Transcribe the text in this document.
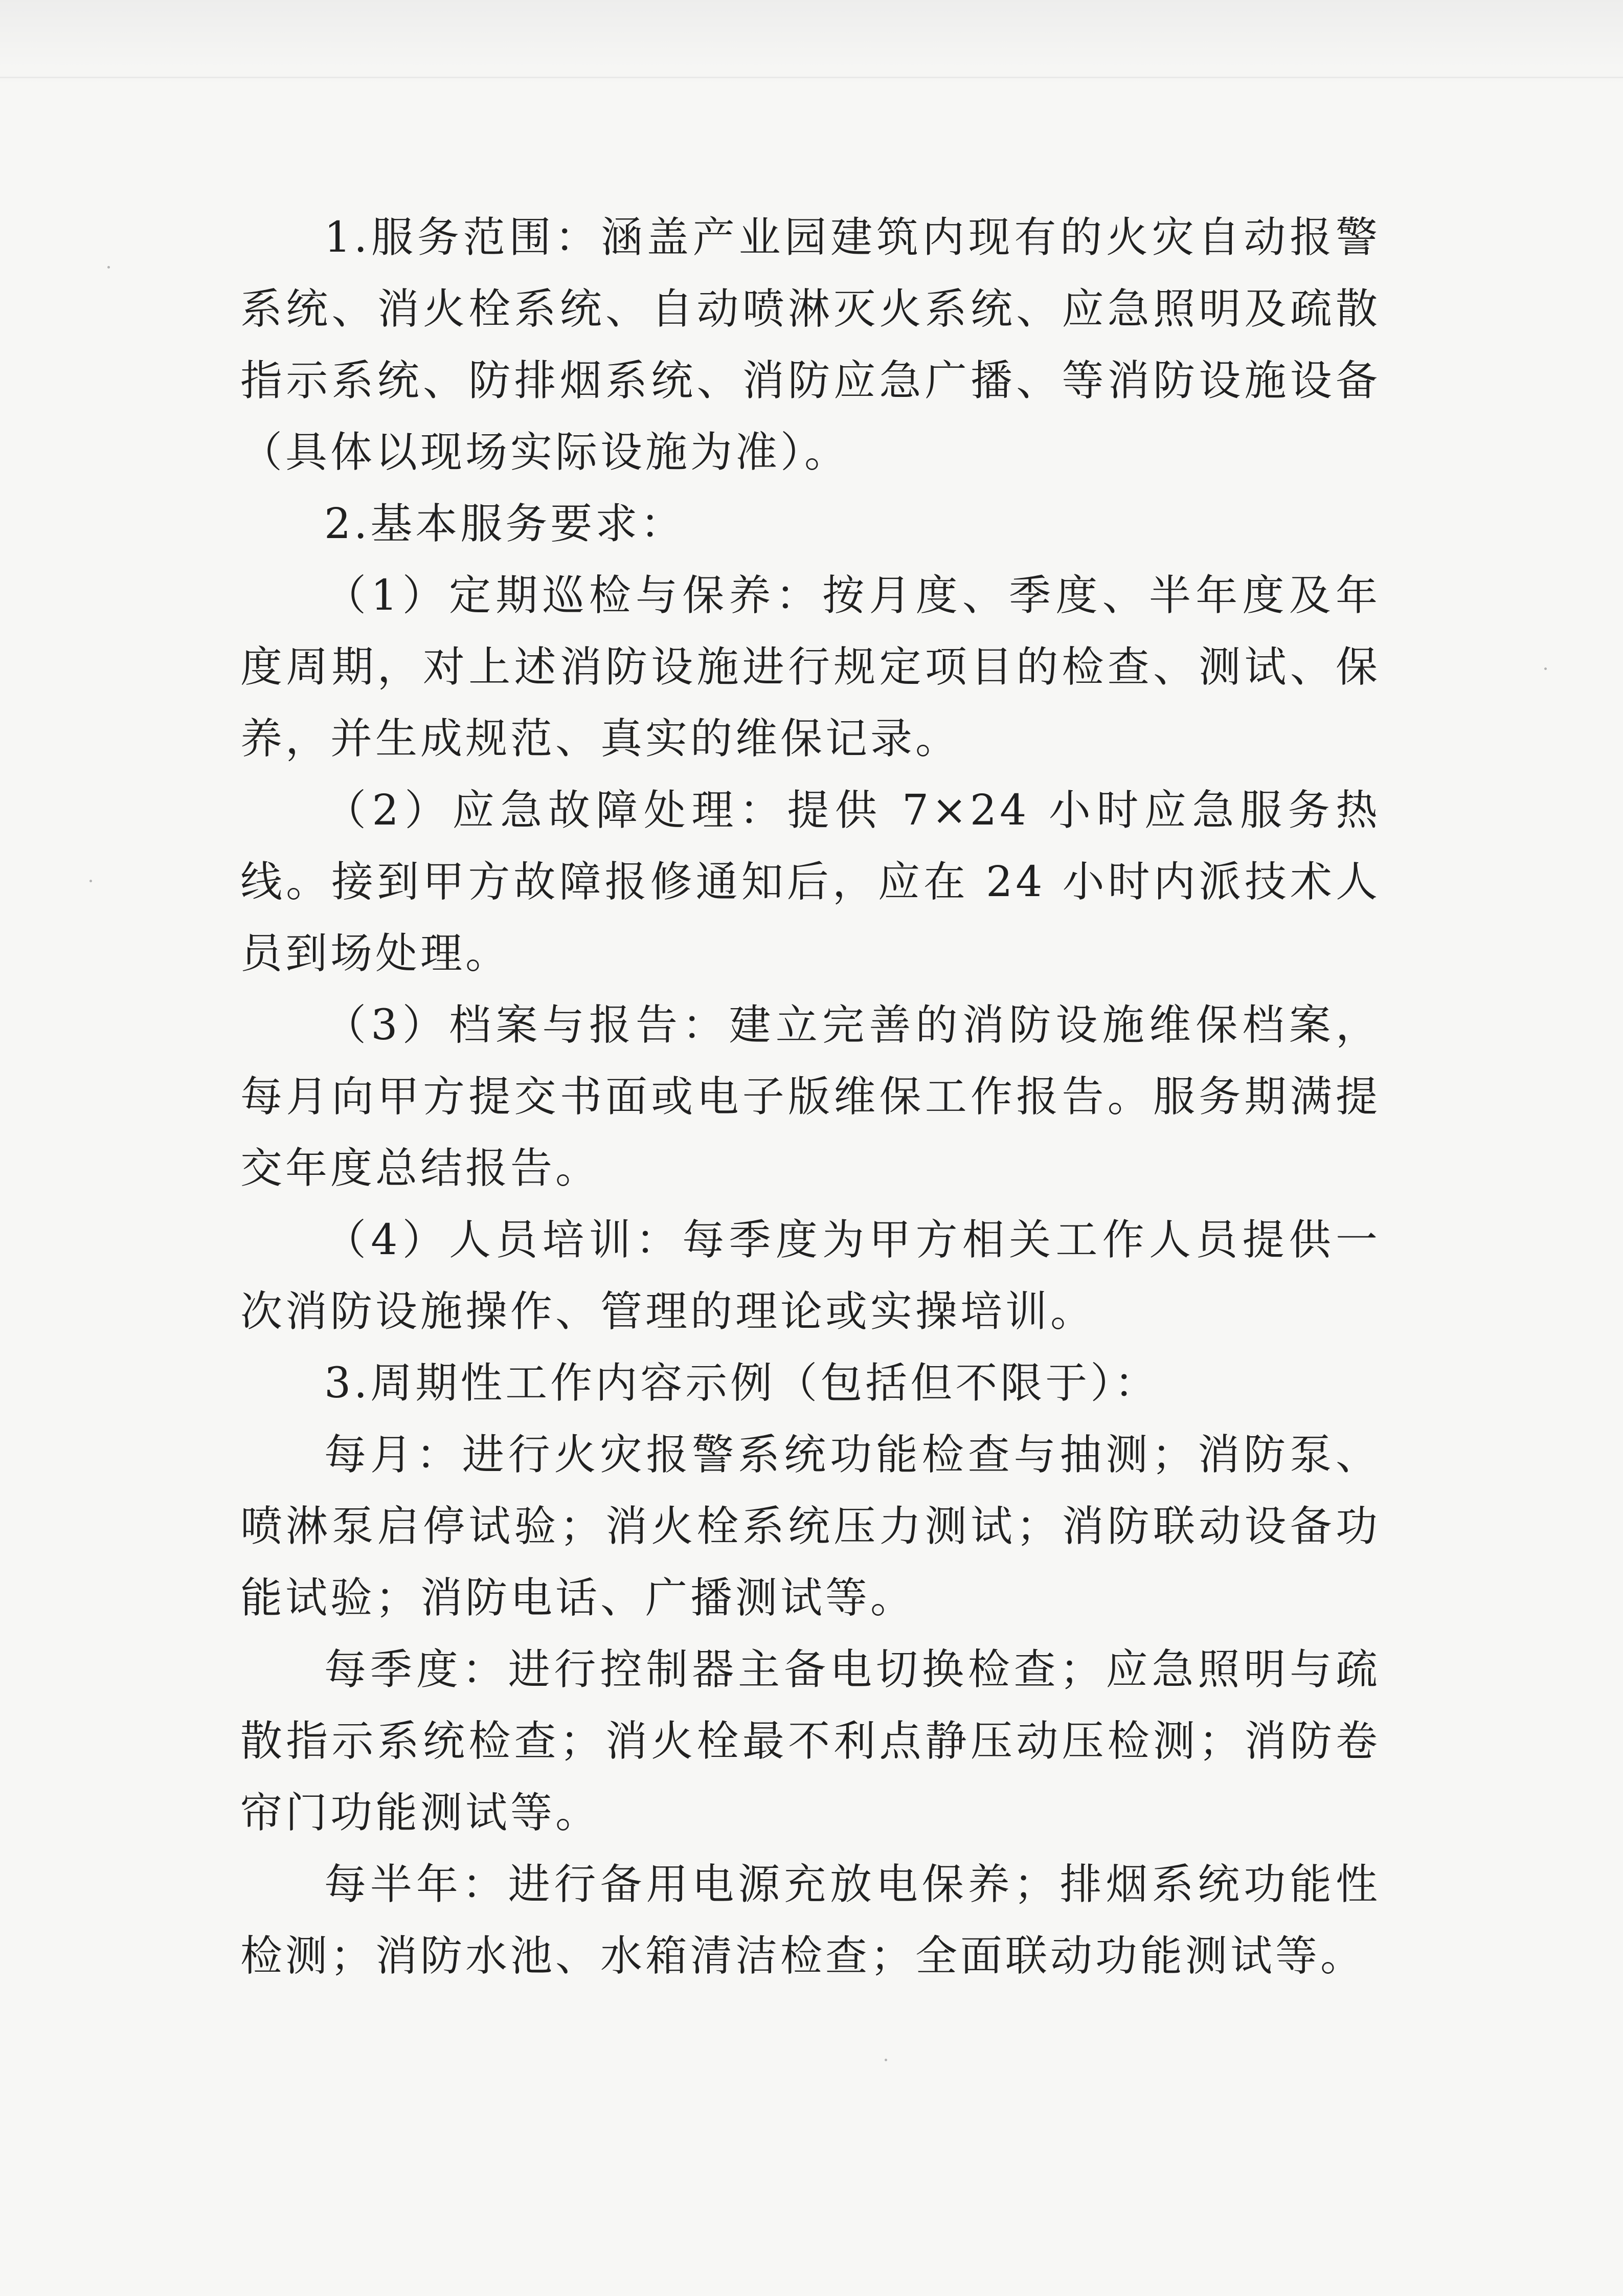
1.服务范围：涵盖产业园建筑内现有的火灾自动报警系统、消火栓系统、自动喷淋灭火系统、应急照明及疏散指示系统、防排烟系统、消防应急广播、等消防设施设备（具体以现场实际设施为准）。

2.基本服务要求：

（1）定期巡检与保养：按月度、季度、半年度及年度周期，对上述消防设施进行规定项目的检查、测试、保养，并生成规范、真实的维保记录。

（2）应急故障处理：提供 7×24 小时应急服务热线。接到甲方故障报修通知后，应在 24 小时内派技术人员到场处理。

（3）档案与报告：建立完善的消防设施维保档案，每月向甲方提交书面或电子版维保工作报告。服务期满提交年度总结报告。

（4）人员培训：每季度为甲方相关工作人员提供一次消防设施操作、管理的理论或实操培训。

3.周期性工作内容示例（包括但不限于）：

每月：进行火灾报警系统功能检查与抽测；消防泵、喷淋泵启停试验；消火栓系统压力测试；消防联动设备功能试验；消防电话、广播测试等。

每季度：进行控制器主备电切换检查；应急照明与疏散指示系统检查；消火栓最不利点静压动压检测；消防卷帘门功能测试等。

每半年：进行备用电源充放电保养；排烟系统功能性检测；消防水池、水箱清洁检查；全面联动功能测试等。
